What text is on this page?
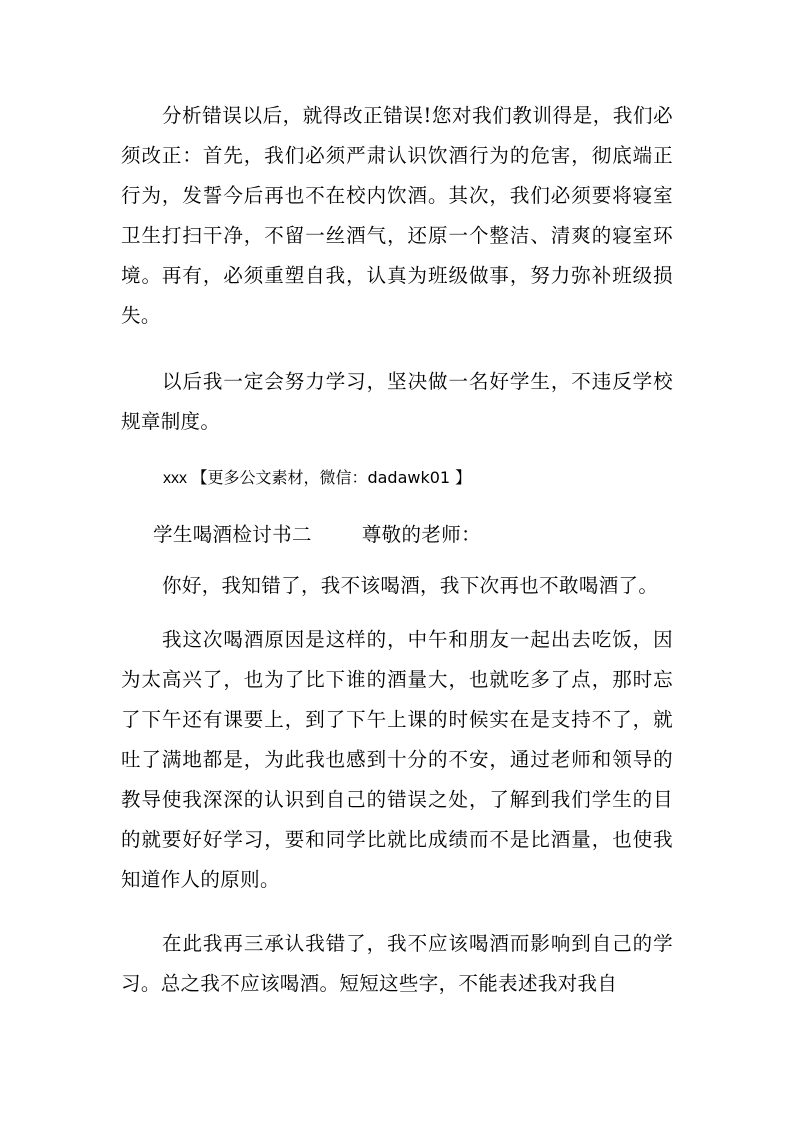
分析错误以后，就得改正错误!您对我们教训得是，我们必须改正：首先，我们必须严肃认识饮酒行为的危害，彻底端正行为，发誓今后再也不在校内饮酒。其次，我们必须要将寝室卫生打扫干净，不留一丝酒气，还原一个整洁、清爽的寝室环境。再有，必须重塑自我，认真为班级做事，努力弥补班级损失。

以后我一定会努力学习，坚决做一名好学生，不违反学校规章制度。

xxx 【更多公文素材，微信：dadawk01 】

学生喝酒检讨书二	尊敬的老师：

你好，我知错了，我不该喝酒，我下次再也不敢喝酒了。

我这次喝酒原因是这样的，中午和朋友一起出去吃饭，因为太高兴了，也为了比下谁的酒量大，也就吃多了点，那时忘了下午还有课要上，到了下午上课的时候实在是支持不了，就吐了满地都是，为此我也感到十分的不安，通过老师和领导的教导使我深深的认识到自己的错误之处，了解到我们学生的目的就要好好学习，要和同学比就比成绩而不是比酒量，也使我知道作人的原则。

在此我再三承认我错了，我不应该喝酒而影响到自己的学习。总之我不应该喝酒。短短这些字，不能表述我对我自
